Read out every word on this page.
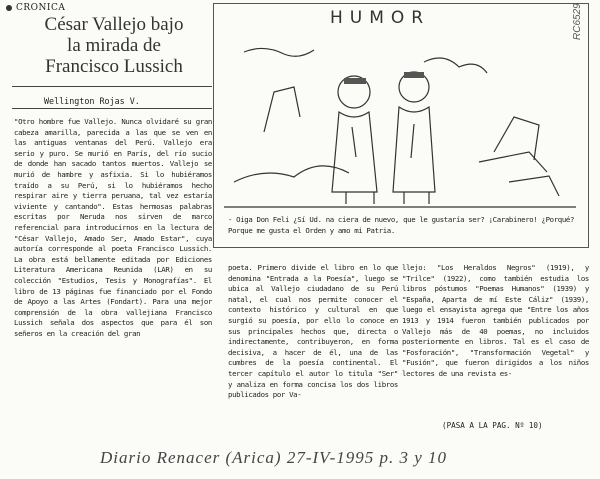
CRONICA
César Vallejo bajo
la mirada de
Francisco Lussich
Wellington Rojas V.

"Otro hombre fue Vallejo. Nunca olvidaré su gran cabeza amarilla, parecida a las que se ven en las antiguas ventanas del Perú. Vallejo era serio y puro. Se murió en París, del río sucio de donde han sacado tantos muertos. Vallejo se murió de hambre y asfixia. Si lo hubiéramos traído a su Perú, si lo hubiéramos hecho respirar aire y tierra peruana, tal vez estaría viviente y cantando". Estas hermosas palabras escritas por Neruda nos sirven de marco referencial para introducirnos en la lectura de "César Vallejo, Amado Ser, Amado Estar", cuya autoría corresponde al poeta Francisco Lussich. La obra está bellamente editada por Ediciones Literatura Americana Reunida (LAR) en su colección "Estudios, Tesis y Monografías". El libro de 13 páginas fue financiado por el Fondo de Apoyo a las Artes (Fondart). Para una mejor comprensión de la obra vallejiana Francisco Lussich señala dos aspectos que para él son señeros en la creación del gran

HUMOR
- Oiga Don Feli ¿Sí Ud. na ciera de nuevo, que le gustaría ser? ¡Carabinero! ¿Porqué? Porque me gusta el Orden y amo mi Patria.
RC6529

poeta. Primero divide el libro en lo que denomina "Entrada a la Poesía", luego se ubica al Vallejo ciudadano de su Perú natal, el cual nos permite conocer el contexto histórico y cultural en que surgió su poesía, por ello lo conoce en sus principales hechos que, directa o indirectamente, contribuyeron, en forma decisiva, a hacer de él, una de las cumbres de la poesía continental. El tercer capítulo el autor lo titula "Ser" y analiza en forma concisa los dos libros publicados por Va-

llejo: "Los Heraldos Negros" (1919), y "Trilce" (1922), como también estudia los libros póstumos "Poemas Humanos" (1939) y "España, Aparta de mí Este Cáliz" (1939), luego el ensayista agrega que "Entre los años 1913 y 1914 fueron también publicados por Vallejo más de 40 poemas, no incluidos posteriormente en libros. Tal es el caso de "Fosforación", "Transformación Vegetal" y "Fusión", que fueron dirigidos a los niños lectores de una revista es-

(PASA A LA PAG. Nº 10)
Diario Renacer (Arica) 27-IV-1995 p. 3 y 10
